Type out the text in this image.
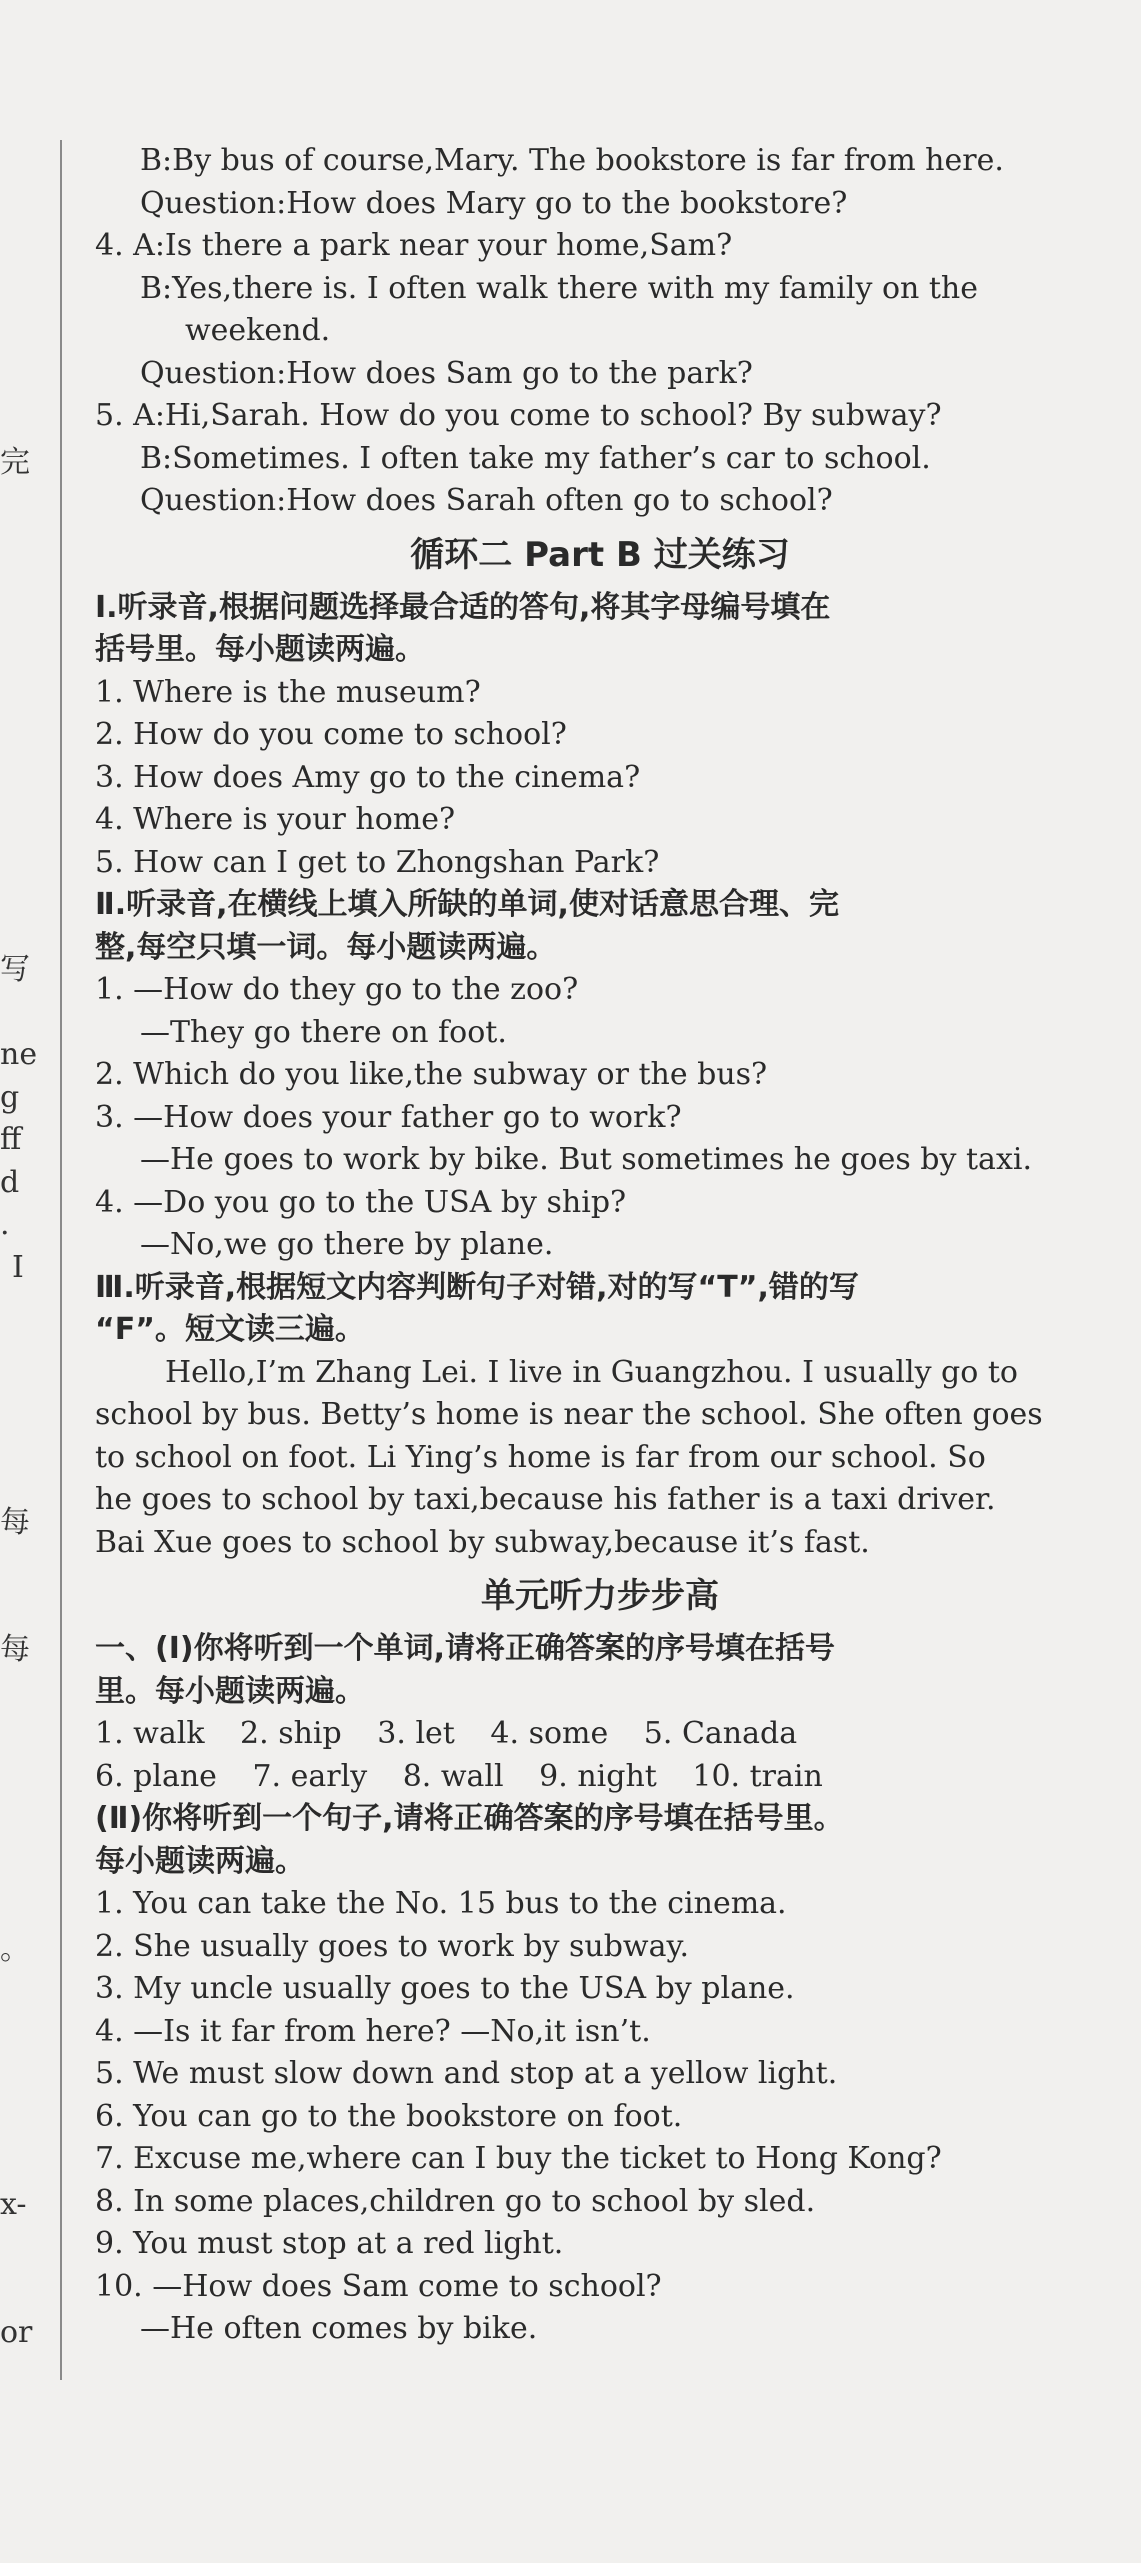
完
写
ne
g
ff
d
.
I
每
每
。
x-
or
B:By bus of course,Mary. The bookstore is far from here.
Question:How does Mary go to the bookstore?
4. A:Is there a park near your home,Sam?
B:Yes,there is. I often walk there with my family on the
weekend.
Question:How does Sam go to the park?
5. A:Hi,Sarah. How do you come to school? By subway?
B:Sometimes. I often take my father’s car to school.
Question:How does Sarah often go to school?
循环二 Part B 过关练习
Ⅰ.听录音,根据问题选择最合适的答句,将其字母编号填在
括号里。每小题读两遍。
1. Where is the museum?
2. How do you come to school?
3. How does Amy go to the cinema?
4. Where is your home?
5. How can I get to Zhongshan Park?
Ⅱ.听录音,在横线上填入所缺的单词,使对话意思合理、完
整,每空只填一词。每小题读两遍。
1. —How do they go to the zoo?
—They go there on foot.
2. Which do you like,the subway or the bus?
3. —How does your father go to work?
—He goes to work by bike. But sometimes he goes by taxi.
4. —Do you go to the USA by ship?
—No,we go there by plane.
Ⅲ.听录音,根据短文内容判断句子对错,对的写“T”,错的写
“F”。短文读三遍。
Hello,I’m Zhang Lei. I live in Guangzhou. I usually go to
school by bus. Betty’s home is near the school. She often goes
to school on foot. Li Ying’s home is far from our school. So
he goes to school by taxi,because his father is a taxi driver.
Bai Xue goes to school by subway,because it’s fast.
单元听力步步高
一、(Ⅰ)你将听到一个单词,请将正确答案的序号填在括号
里。每小题读两遍。
1. walk 2. ship 3. let 4. some 5. Canada
6. plane 7. early 8. wall 9. night 10. train
(Ⅱ)你将听到一个句子,请将正确答案的序号填在括号里。
每小题读两遍。
1. You can take the No. 15 bus to the cinema.
2. She usually goes to work by subway.
3. My uncle usually goes to the USA by plane.
4. —Is it far from here? —No,it isn’t.
5. We must slow down and stop at a yellow light.
6. You can go to the bookstore on foot.
7. Excuse me,where can I buy the ticket to Hong Kong?
8. In some places,children go to school by sled.
9. You must stop at a red light.
10. —How does Sam come to school?
—He often comes by bike.
